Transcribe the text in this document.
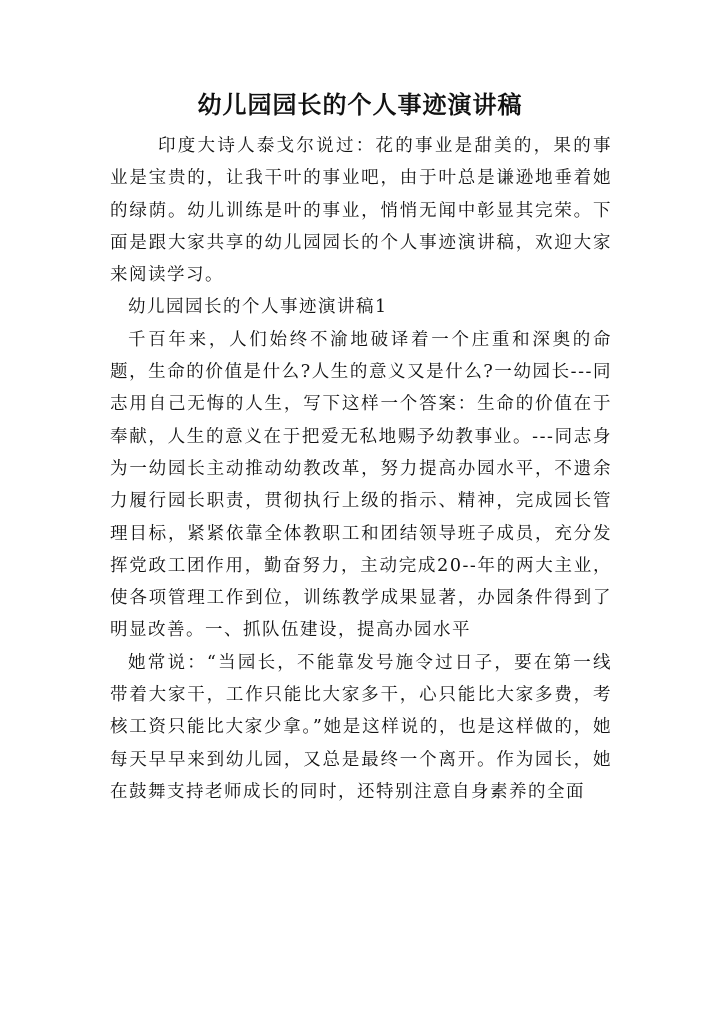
幼儿园园长的个人事迹演讲稿

印度大诗人泰戈尔说过：花的事业是甜美的，果的事业是宝贵的，让我干叶的事业吧，由于叶总是谦逊地垂着她的绿荫。幼儿训练是叶的事业，悄悄无闻中彰显其完荣。下面是跟大家共享的幼儿园园长的个人事迹演讲稿，欢迎大家来阅读学习。

幼儿园园长的个人事迹演讲稿1

千百年来，人们始终不渝地破译着一个庄重和深奥的命题，生命的价值是什么?人生的意义又是什么?一幼园长---同志用自己无悔的人生，写下这样一个答案：生命的价值在于奉献，人生的意义在于把爱无私地赐予幼教事业。---同志身为一幼园长主动推动幼教改革，努力提高办园水平，不遗余力履行园长职责，贯彻执行上级的指示、精神，完成园长管理目标，紧紧依靠全体教职工和团结领导班子成员，充分发挥党政工团作用，勤奋努力，主动完成20--年的两大主业，使各项管理工作到位，训练教学成果显著，办园条件得到了明显改善。一、抓队伍建设，提高办园水平

她常说：“当园长，不能靠发号施令过日子，要在第一线带着大家干，工作只能比大家多干，心只能比大家多费，考核工资只能比大家少拿。”她是这样说的，也是这样做的，她每天早早来到幼儿园，又总是最终一个离开。作为园长，她在鼓舞支持老师成长的同时，还特别注意自身素养的全面
